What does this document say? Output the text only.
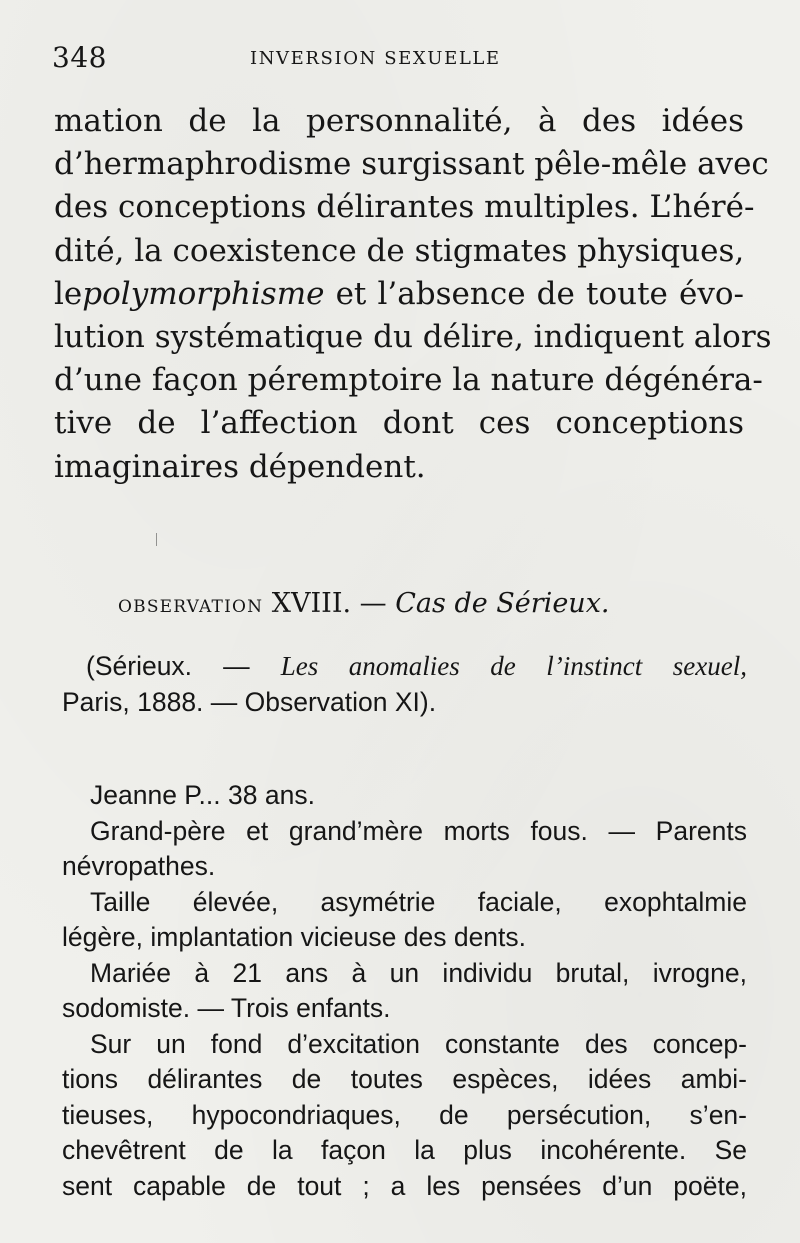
348	INVERSION SEXUELLE
mation de la personnalité, à des idées
d’hermaphrodisme surgissant pêle-mêle avec
des conceptions délirantes multiples. L’héré-
dité, la coexistence de stigmates physiques,
lepolymorphisme et l’absence de toute évo-
lution systématique du délire, indiquent alors
d’une façon péremptoire la nature dégénéra-
tive de l’affection dont ces conceptions
imaginaires dépendent.
OBSERVATION XVIII. — Cas de Sérieux.
(Sérieux. — Les anomalies de l’instinct sexuel,
Paris, 1888. — Observation XI).
Jeanne P... 38 ans.
Grand-père et grand’mère morts fous. — Parents
névropathes.
Taille élevée, asymétrie faciale, exophtalmie
légère, implantation vicieuse des dents.
Mariée à 21 ans à un individu brutal, ivrogne,
sodomiste. — Trois enfants.
Sur un fond d’excitation constante des concep-
tions délirantes de toutes espèces, idées ambi-
tieuses, hypocondriaques, de persécution, s’en-
chevêtrent de la façon la plus incohérente. Se
sent capable de tout ; a les pensées d’un poëte,
